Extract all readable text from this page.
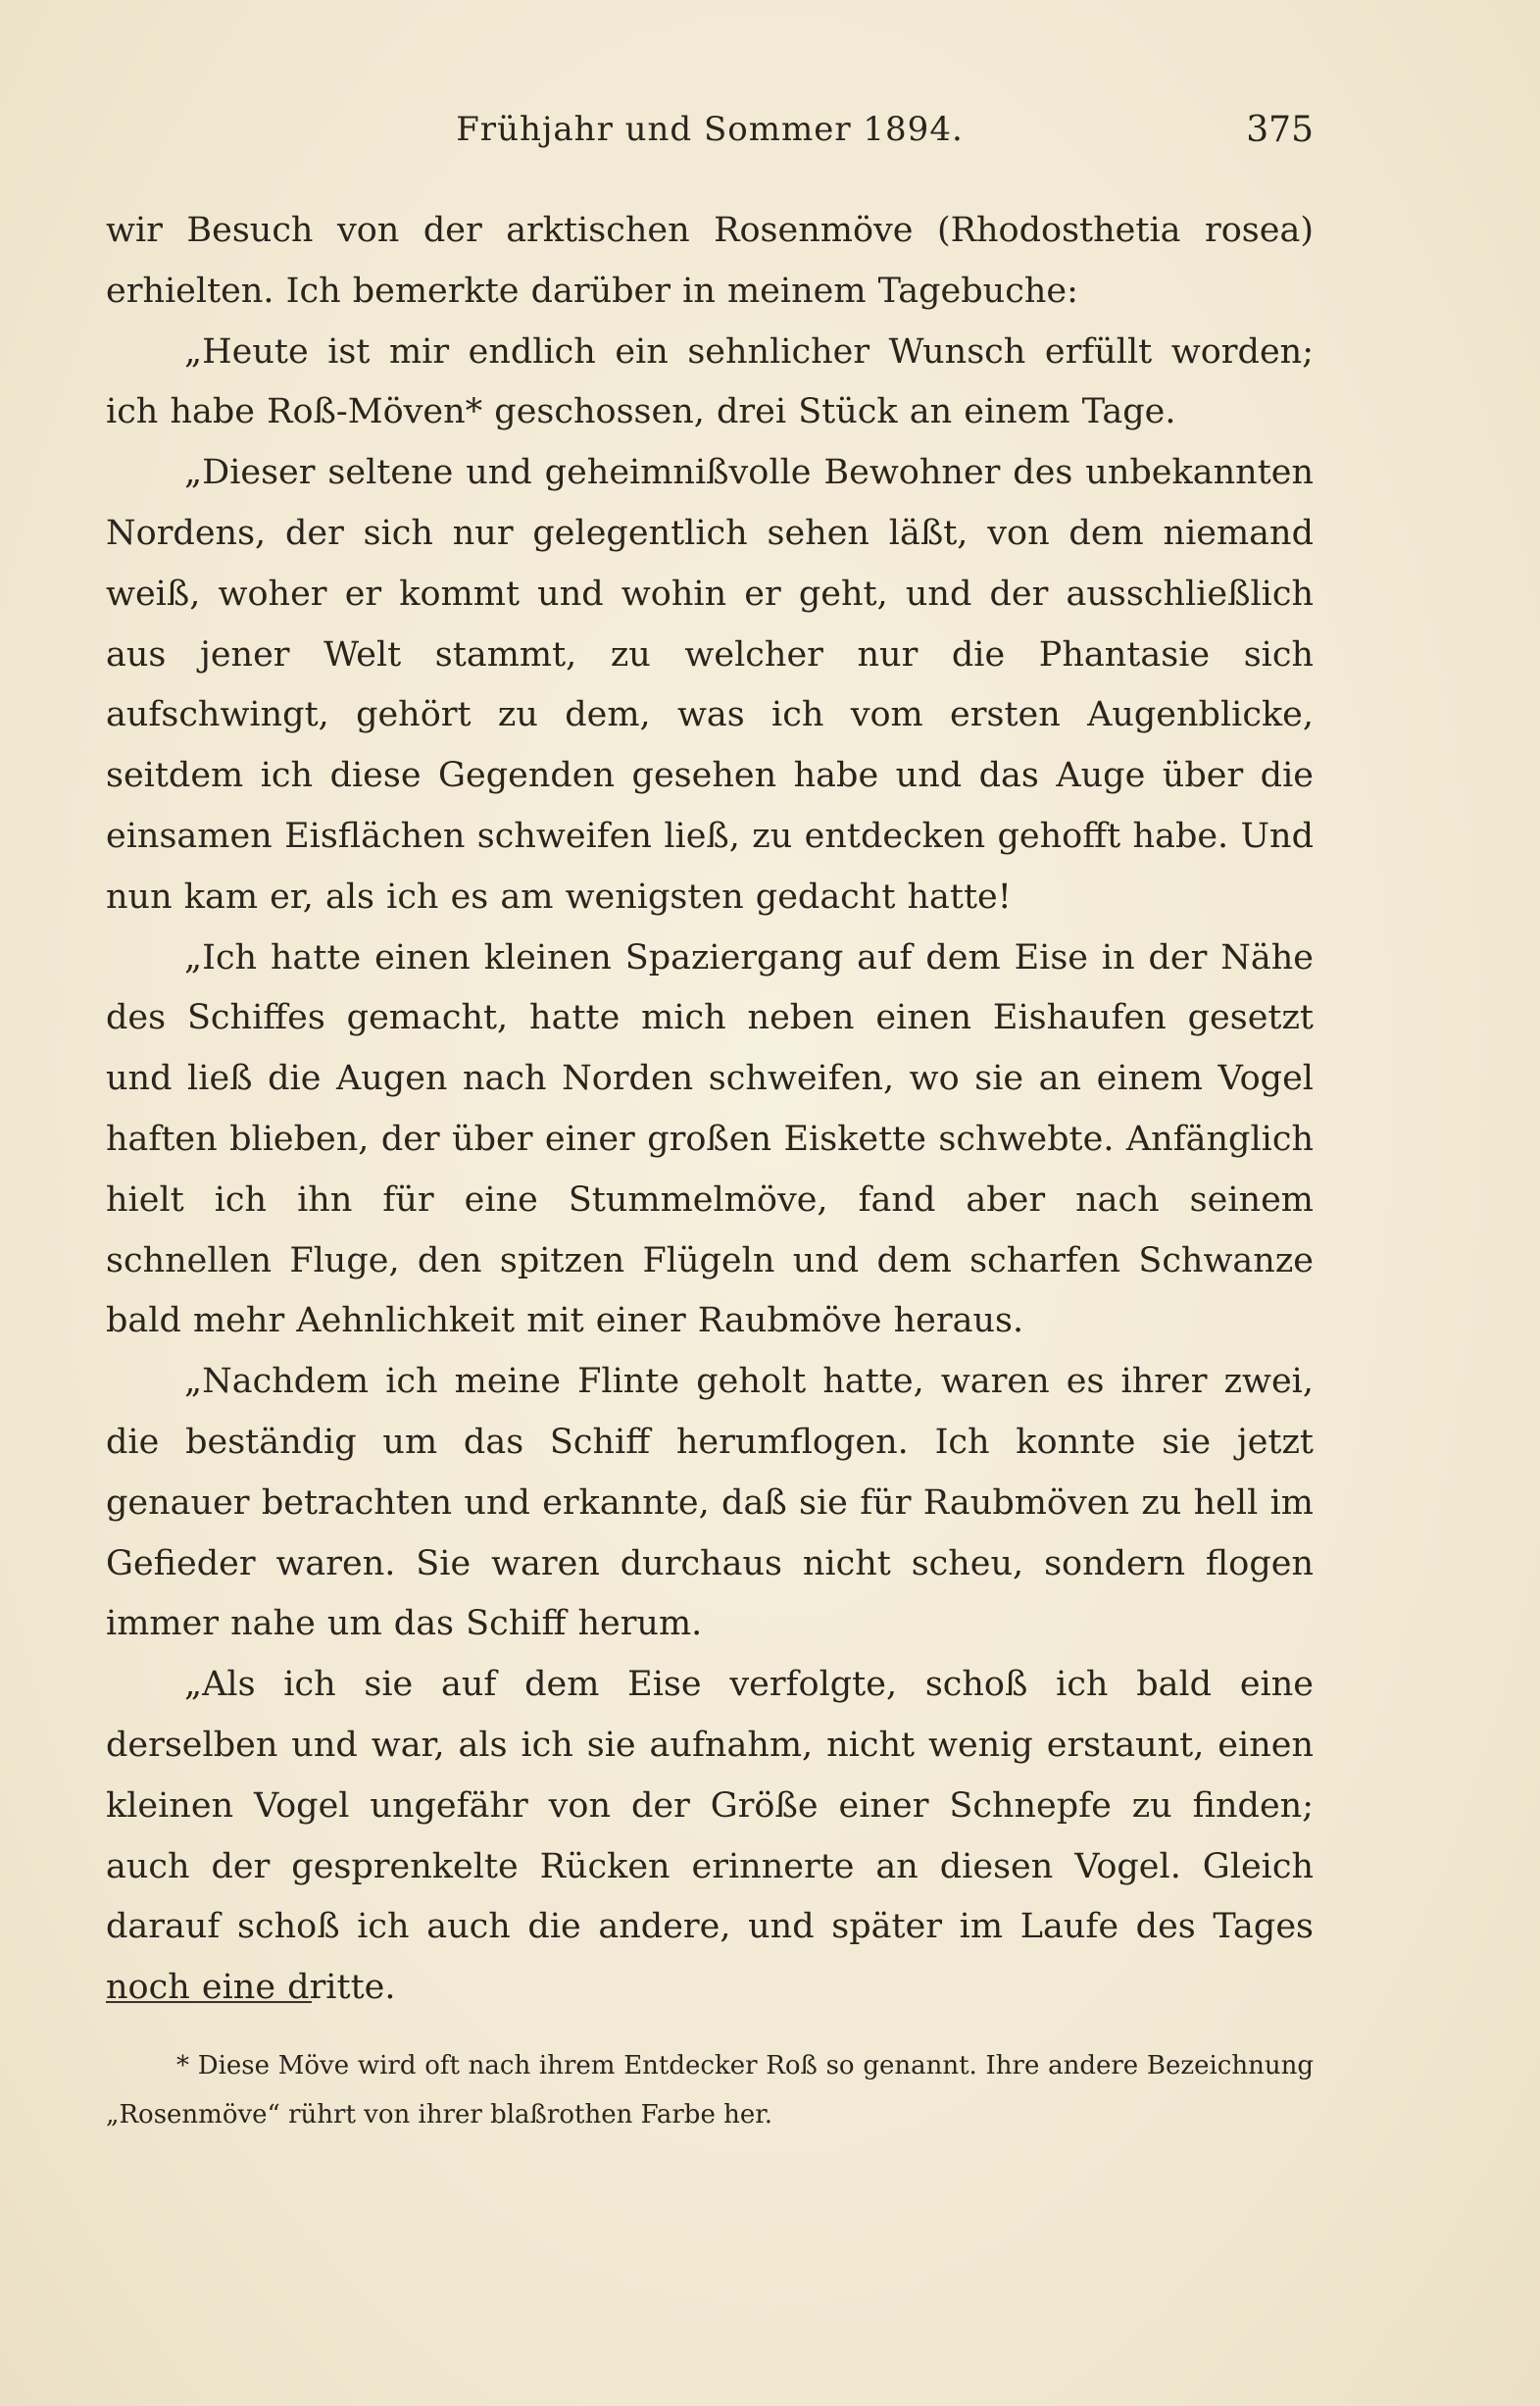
Frühjahr und Sommer 1894.	375

wir Besuch von der arktischen Rosenmöve (Rhodosthetia rosea) erhielten. Ich bemerkte darüber in meinem Tagebuche:

„Heute ist mir endlich ein sehnlicher Wunsch erfüllt worden; ich habe Roß-Möven* geschossen, drei Stück an einem Tage.

„Dieser seltene und geheimnißvolle Bewohner des unbekannten Nordens, der sich nur gelegentlich sehen läßt, von dem niemand weiß, woher er kommt und wohin er geht, und der ausschließlich aus jener Welt stammt, zu welcher nur die Phantasie sich aufschwingt, gehört zu dem, was ich vom ersten Augenblicke, seitdem ich diese Gegenden gesehen habe und das Auge über die einsamen Eisflächen schweifen ließ, zu entdecken gehofft habe. Und nun kam er, als ich es am wenigsten gedacht hatte!

„Ich hatte einen kleinen Spaziergang auf dem Eise in der Nähe des Schiffes gemacht, hatte mich neben einen Eishaufen gesetzt und ließ die Augen nach Norden schweifen, wo sie an einem Vogel haften blieben, der über einer großen Eiskette schwebte. Anfänglich hielt ich ihn für eine Stummelmöve, fand aber nach seinem schnellen Fluge, den spitzen Flügeln und dem scharfen Schwanze bald mehr Aehnlichkeit mit einer Raubmöve heraus.

„Nachdem ich meine Flinte geholt hatte, waren es ihrer zwei, die beständig um das Schiff herumflogen. Ich konnte sie jetzt genauer betrachten und erkannte, daß sie für Raubmöven zu hell im Gefieder waren. Sie waren durchaus nicht scheu, sondern flogen immer nahe um das Schiff herum.

„Als ich sie auf dem Eise verfolgte, schoß ich bald eine derselben und war, als ich sie aufnahm, nicht wenig erstaunt, einen kleinen Vogel ungefähr von der Größe einer Schnepfe zu finden; auch der gesprenkelte Rücken erinnerte an diesen Vogel. Gleich darauf schoß ich auch die andere, und später im Laufe des Tages noch eine dritte.

* Diese Möve wird oft nach ihrem Entdecker Roß so genannt. Ihre andere Bezeichnung „Rosenmöve“ rührt von ihrer blaßrothen Farbe her.
